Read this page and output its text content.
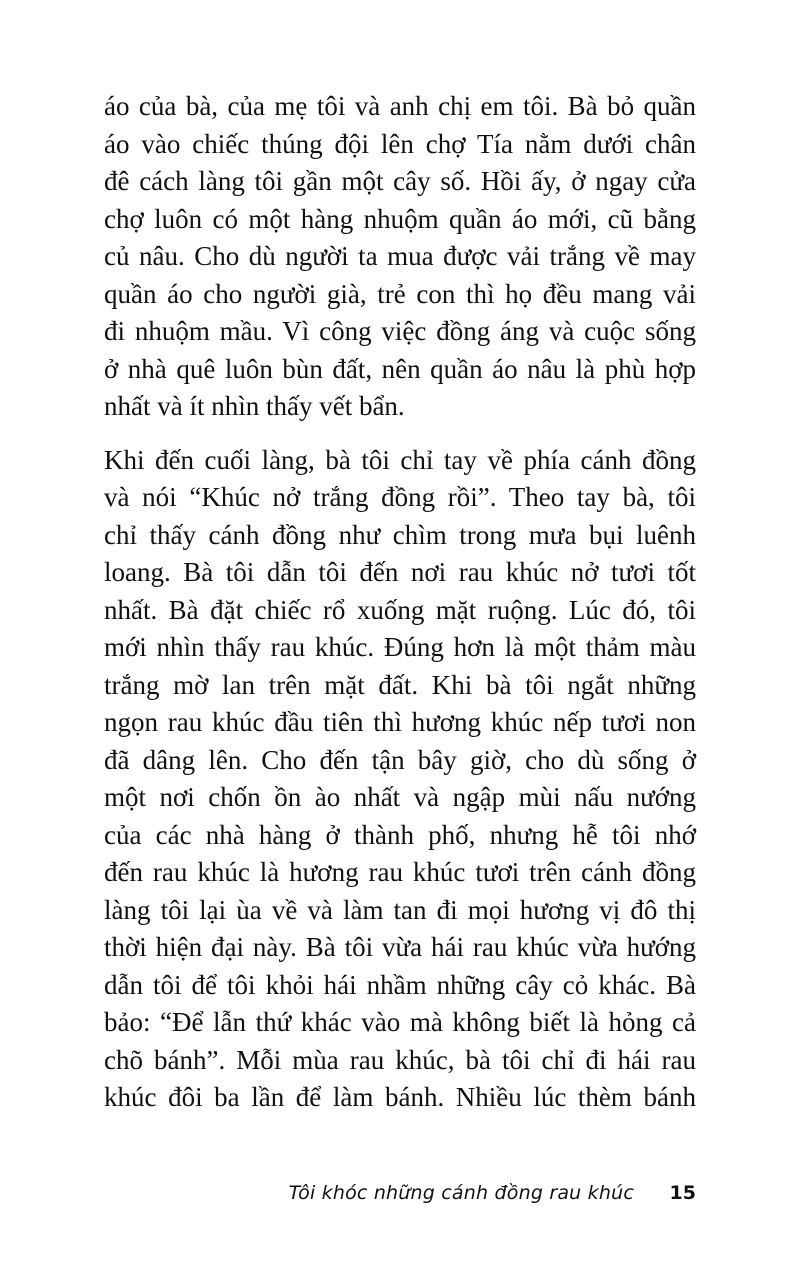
áo của bà, của mẹ tôi và anh chị em tôi. Bà bỏ quần
áo vào chiếc thúng đội lên chợ Tía nằm dưới chân
đê cách làng tôi gần một cây số. Hồi ấy, ở ngay cửa
chợ luôn có một hàng nhuộm quần áo mới, cũ bằng
củ nâu. Cho dù người ta mua được vải trắng về may
quần áo cho người già, trẻ con thì họ đều mang vải
đi nhuộm mầu. Vì công việc đồng áng và cuộc sống
ở nhà quê luôn bùn đất, nên quần áo nâu là phù hợp
nhất và ít nhìn thấy vết bẩn.

Khi đến cuối làng, bà tôi chỉ tay về phía cánh đồng
và nói “Khúc nở trắng đồng rồi”. Theo tay bà, tôi
chỉ thấy cánh đồng như chìm trong mưa bụi luênh
loang. Bà tôi dẫn tôi đến nơi rau khúc nở tươi tốt
nhất. Bà đặt chiếc rổ xuống mặt ruộng. Lúc đó, tôi
mới nhìn thấy rau khúc. Đúng hơn là một thảm màu
trắng mờ lan trên mặt đất. Khi bà tôi ngắt những
ngọn rau khúc đầu tiên thì hương khúc nếp tươi non
đã dâng lên. Cho đến tận bây giờ, cho dù sống ở
một nơi chốn ồn ào nhất và ngập mùi nấu nướng
của các nhà hàng ở thành phố, nhưng hễ tôi nhớ
đến rau khúc là hương rau khúc tươi trên cánh đồng
làng tôi lại ùa về và làm tan đi mọi hương vị đô thị
thời hiện đại này. Bà tôi vừa hái rau khúc vừa hướng
dẫn tôi để tôi khỏi hái nhầm những cây cỏ khác. Bà
bảo: “Để lẫn thứ khác vào mà không biết là hỏng cả
chõ bánh”. Mỗi mùa rau khúc, bà tôi chỉ đi hái rau
khúc đôi ba lần để làm bánh. Nhiều lúc thèm bánh

Tôi khóc những cánh đồng rau khúc 15
